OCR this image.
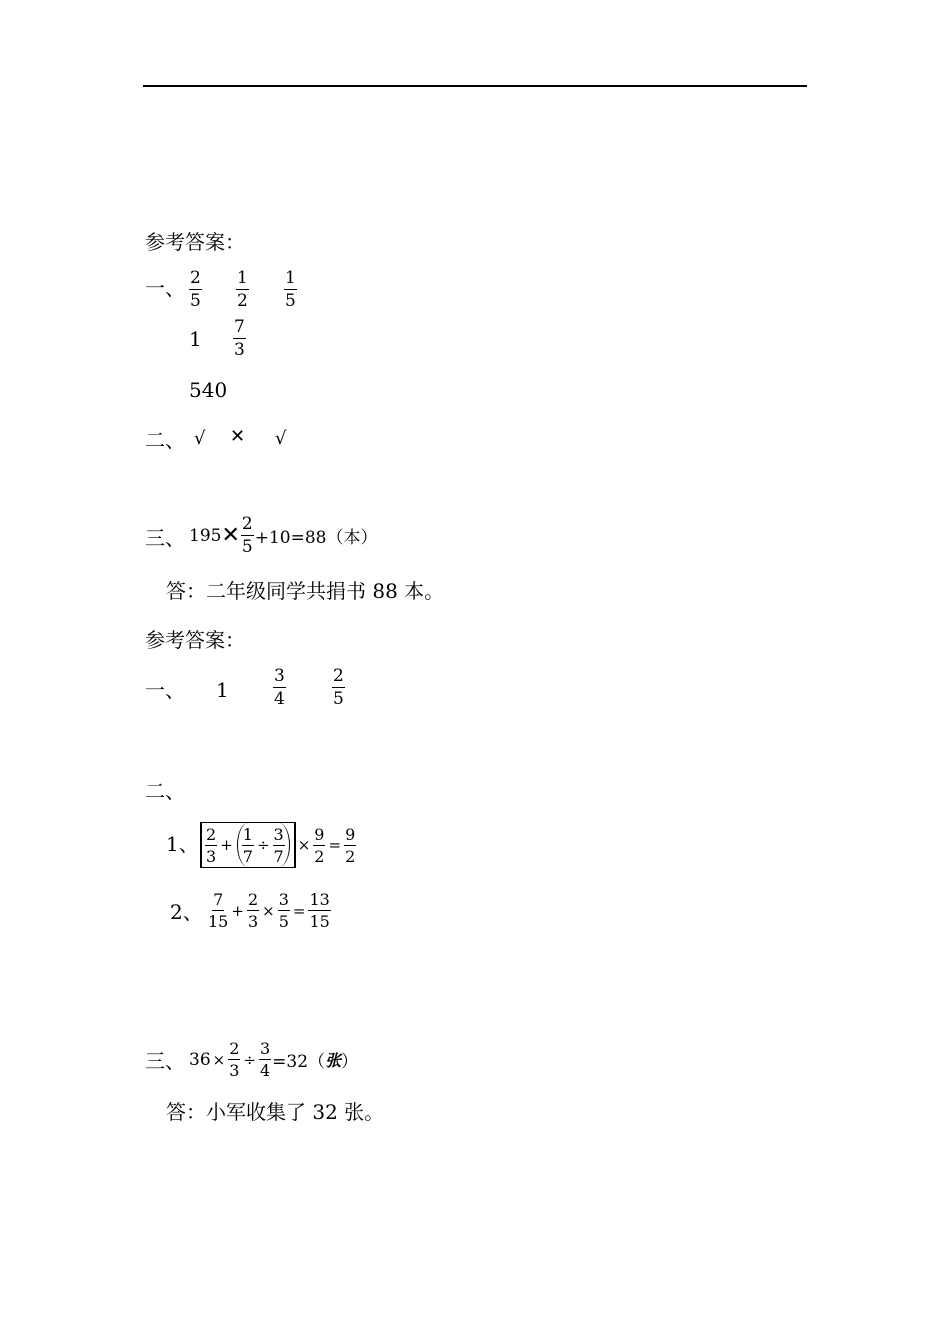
参考答案：
一、 $\frac{2}{5} \frac{1}{2} \frac{1}{5}$
$1 \frac{7}{3}$
540
二、 √ ✕ √
三、 195 ✕ $\frac{2}{5} +10=88$（本）
答：二年级同学共捐书 88 本。
参考答案：
一、 1	$\frac{3}{4}$	$\frac{2}{5}$
二、
1、 $\frac{2}{3} + \frac{1}{7} \div \frac{3}{7} \times \frac{9}{2} = \frac{9}{2}$
2、 $\frac{7}{15} + \frac{2}{3} \times \frac{3}{5} = \frac{13}{15}$
三、 $36 \times \frac{2}{3} \div \frac{3}{4} =32$（ 张 ）
答：小军收集了 32 张。
